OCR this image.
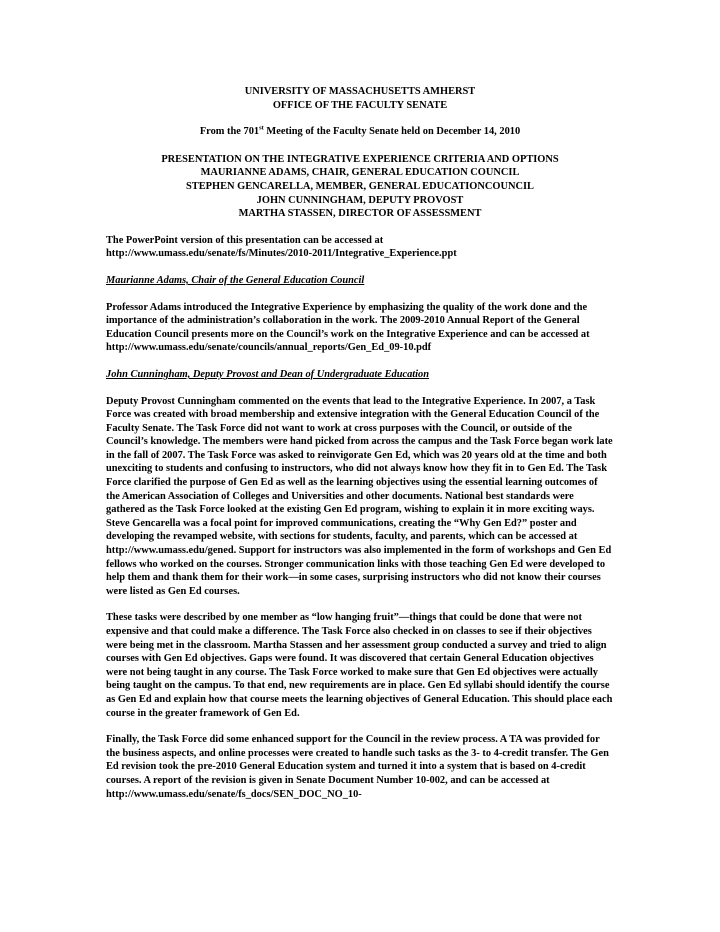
UNIVERSITY OF MASSACHUSETTS AMHERST
OFFICE OF THE FACULTY SENATE
From the 701st Meeting of the Faculty Senate held on December 14, 2010
PRESENTATION ON THE INTEGRATIVE EXPERIENCE CRITERIA AND OPTIONS
MAURIANNE ADAMS, CHAIR, GENERAL EDUCATION COUNCIL
STEPHEN GENCARELLA, MEMBER, GENERAL EDUCATIONCOUNCIL
JOHN CUNNINGHAM, DEPUTY PROVOST
MARTHA STASSEN, DIRECTOR OF ASSESSMENT
The PowerPoint version of this presentation can be accessed at
http://www.umass.edu/senate/fs/Minutes/2010-2011/Integrative_Experience.ppt
Maurianne Adams, Chair of the General Education Council
Professor Adams introduced the Integrative Experience by emphasizing the quality of the work done and the importance of the administration’s collaboration in the work. The 2009-2010 Annual Report of the General Education Council presents more on the Council’s work on the Integrative Experience and can be accessed at http://www.umass.edu/senate/councils/annual_reports/Gen_Ed_09-10.pdf
John Cunningham, Deputy Provost and Dean of Undergraduate Education
Deputy Provost Cunningham commented on the events that lead to the Integrative Experience. In 2007, a Task Force was created with broad membership and extensive integration with the General Education Council of the Faculty Senate. The Task Force did not want to work at cross purposes with the Council, or outside of the Council’s knowledge. The members were hand picked from across the campus and the Task Force began work late in the fall of 2007. The Task Force was asked to reinvigorate Gen Ed, which was 20 years old at the time and both unexciting to students and confusing to instructors, who did not always know how they fit in to Gen Ed. The Task Force clarified the purpose of Gen Ed as well as the learning objectives using the essential learning outcomes of the American Association of Colleges and Universities and other documents. National best standards were gathered as the Task Force looked at the existing Gen Ed program, wishing to explain it in more exciting ways. Steve Gencarella was a focal point for improved communications, creating the “Why Gen Ed?” poster and developing the revamped website, with sections for students, faculty, and parents, which can be accessed at http://www.umass.edu/gened. Support for instructors was also implemented in the form of workshops and Gen Ed fellows who worked on the courses. Stronger communication links with those teaching Gen Ed were developed to help them and thank them for their work—in some cases, surprising instructors who did not know their courses were listed as Gen Ed courses.
These tasks were described by one member as “low hanging fruit”—things that could be done that were not expensive and that could make a difference. The Task Force also checked in on classes to see if their objectives were being met in the classroom. Martha Stassen and her assessment group conducted a survey and tried to align courses with Gen Ed objectives. Gaps were found. It was discovered that certain General Education objectives were not being taught in any course. The Task Force worked to make sure that Gen Ed objectives were actually being taught on the campus. To that end, new requirements are in place. Gen Ed syllabi should identify the course as Gen Ed and explain how that course meets the learning objectives of General Education. This should place each course in the greater framework of Gen Ed.
Finally, the Task Force did some enhanced support for the Council in the review process. A TA was provided for the business aspects, and online processes were created to handle such tasks as the 3- to 4-credit transfer. The Gen Ed revision took the pre-2010 General Education system and turned it into a system that is based on 4-credit courses. A report of the revision is given in Senate Document Number 10-002, and can be accessed at http://www.umass.edu/senate/fs_docs/SEN_DOC_NO_10-
